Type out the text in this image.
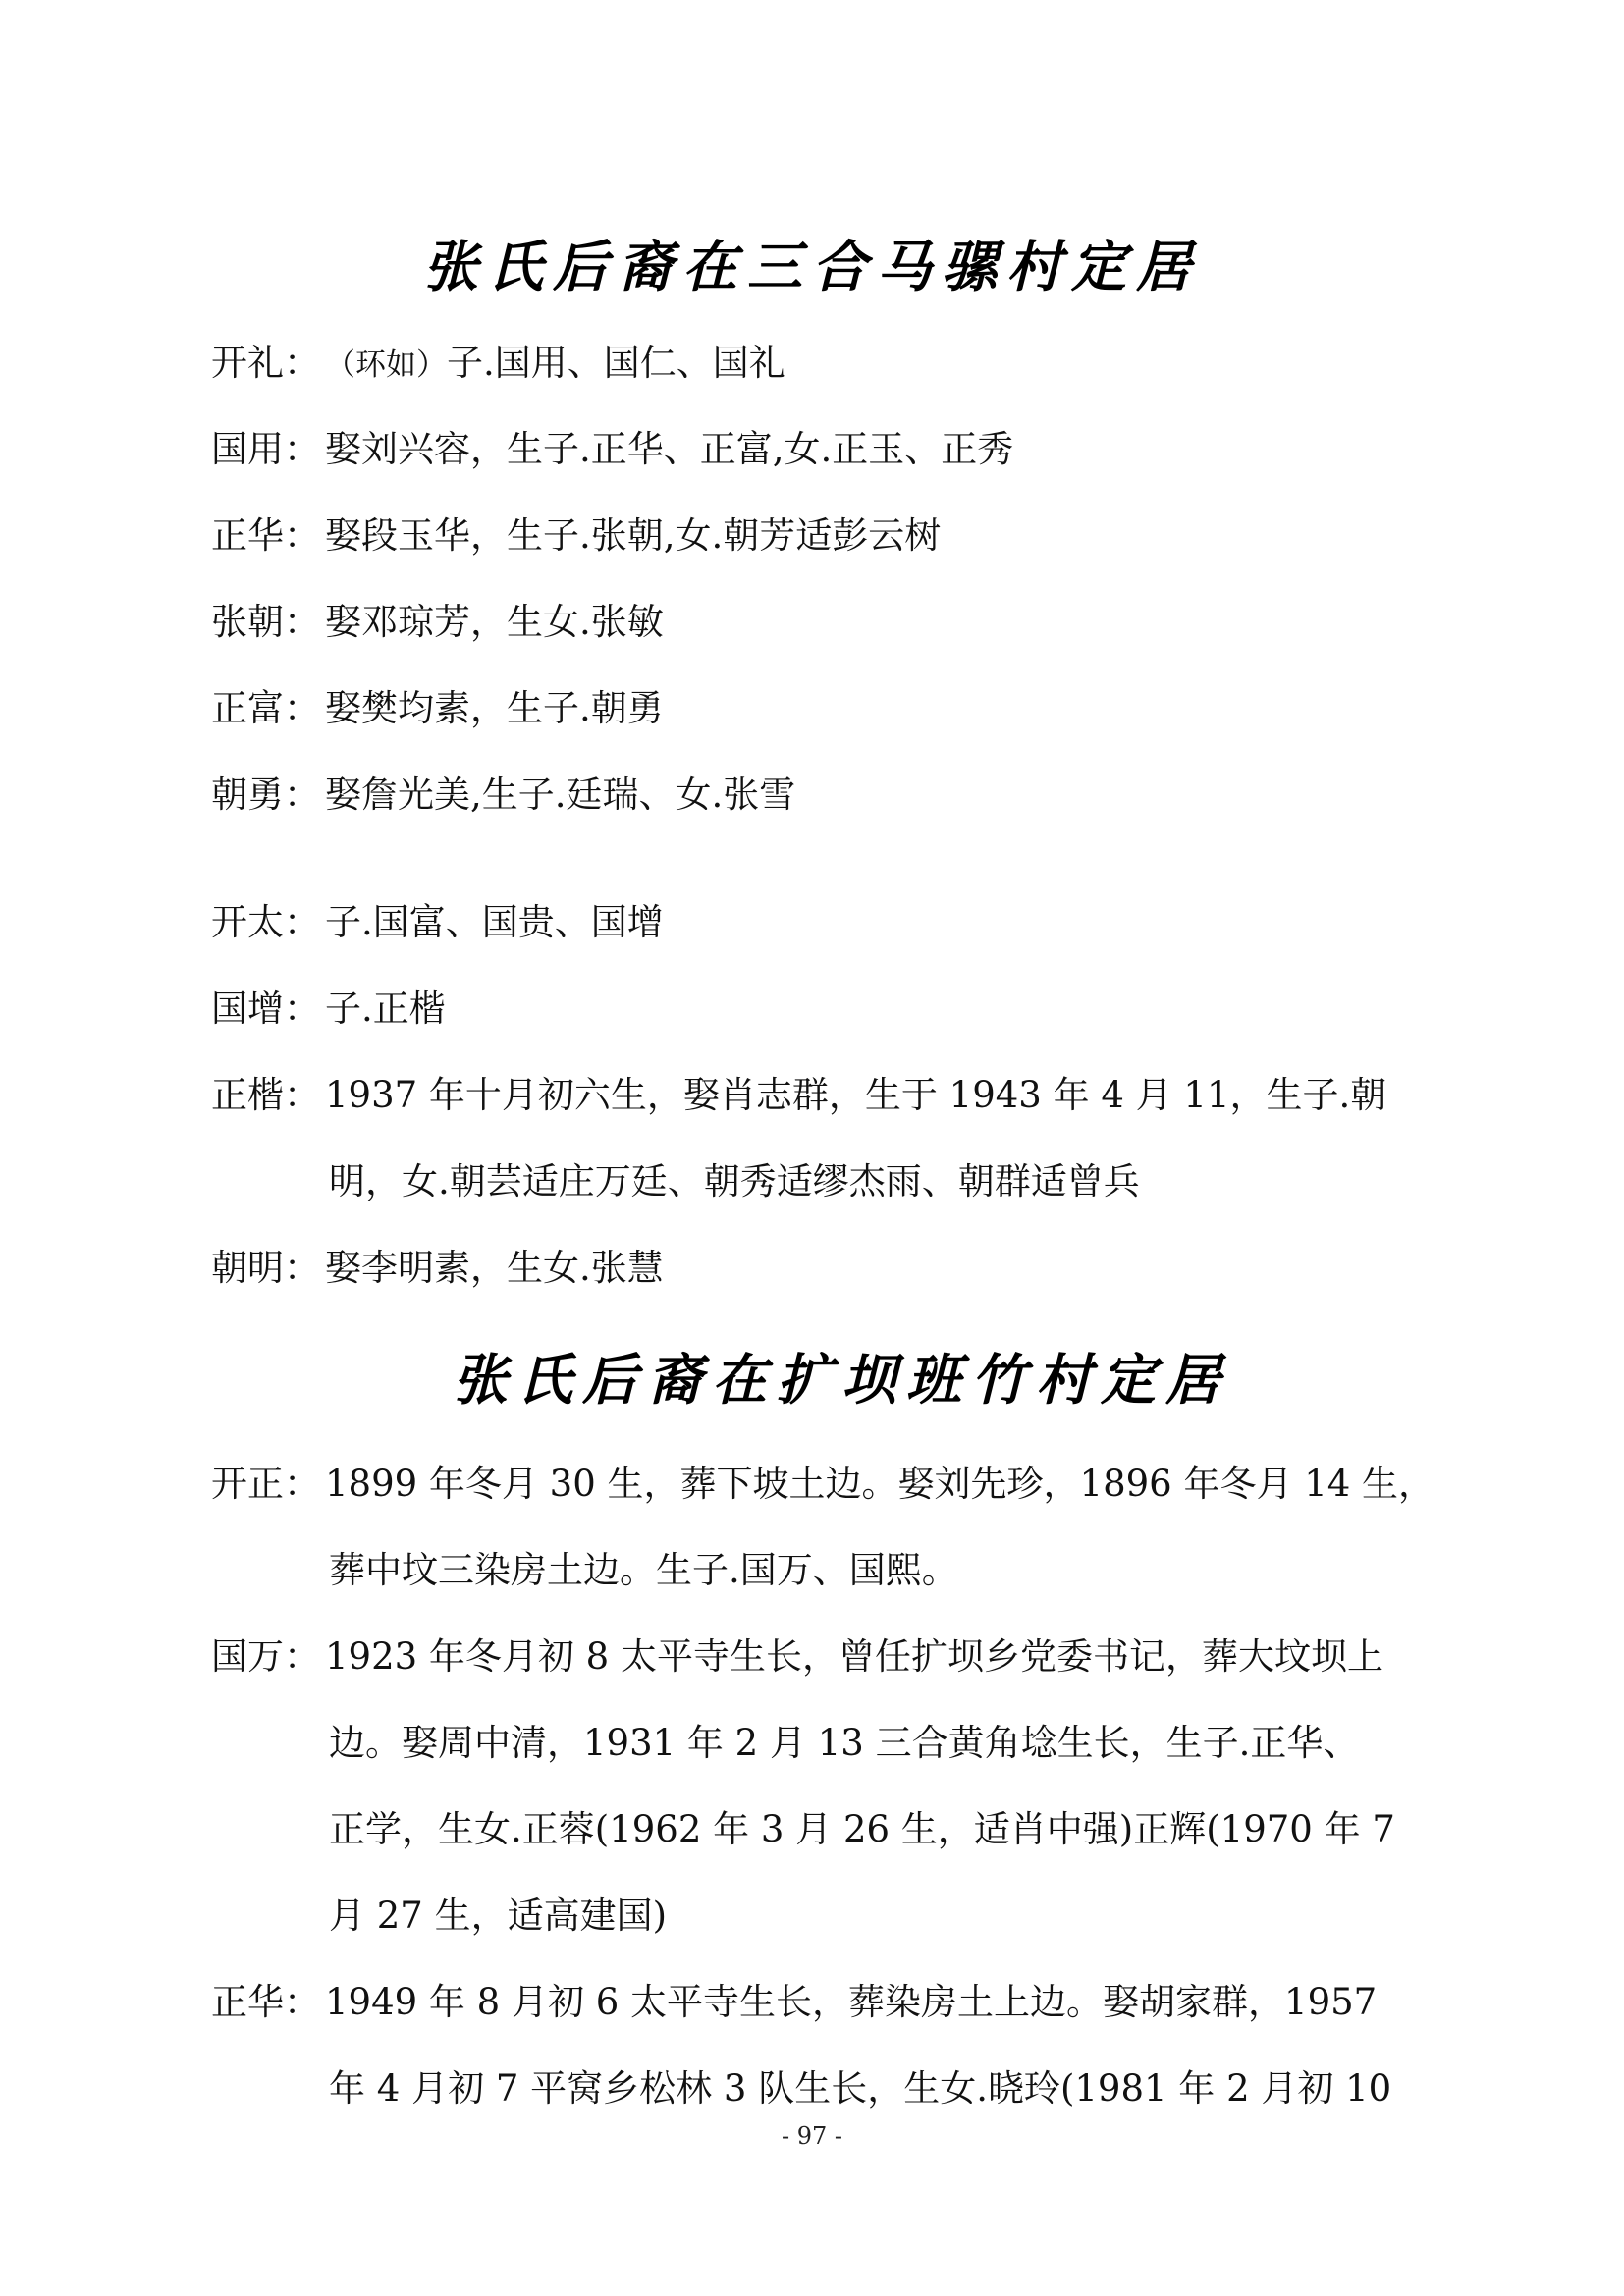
张氏后裔在三合马骡村定居
开礼： （环如）子.国用、国仁、国礼
国用： 娶刘兴容，生子.正华、正富,女.正玉、正秀
正华： 娶段玉华，生子.张朝,女.朝芳适彭云树
张朝： 娶邓琼芳，生女.张敏
正富： 娶樊均素，生子.朝勇
朝勇： 娶詹光美,生子.廷瑞、女.张雪
开太： 子.国富、国贵、国增
国增： 子.正楷
正楷： 1937 年十月初六生，娶肖志群，生于 1943 年 4 月 11，生子.朝
明，女.朝芸适庄万廷、朝秀适缪杰雨、朝群适曾兵
朝明： 娶李明素，生女.张慧
张氏后裔在扩坝班竹村定居
开正： 1899 年冬月 30 生，葬下坡土边。娶刘先珍，1896 年冬月 14 生，
葬中坟三染房土边。生子.国万、国熙。
国万： 1923 年冬月初 8 太平寺生长，曾任扩坝乡党委书记，葬大坟坝上
边。娶周中清，1931 年 2 月 13 三合黄角埝生长，生子.正华、
正学，生女.正蓉(1962 年 3 月 26 生，适肖中强)正辉(1970 年 7
月 27 生，适高建国)
正华： 1949 年 8 月初 6 太平寺生长，葬染房土上边。娶胡家群，1957
年 4 月初 7 平窝乡松林 3 队生长，生女.晓玲(1981 年 2 月初 10
- 97 -
